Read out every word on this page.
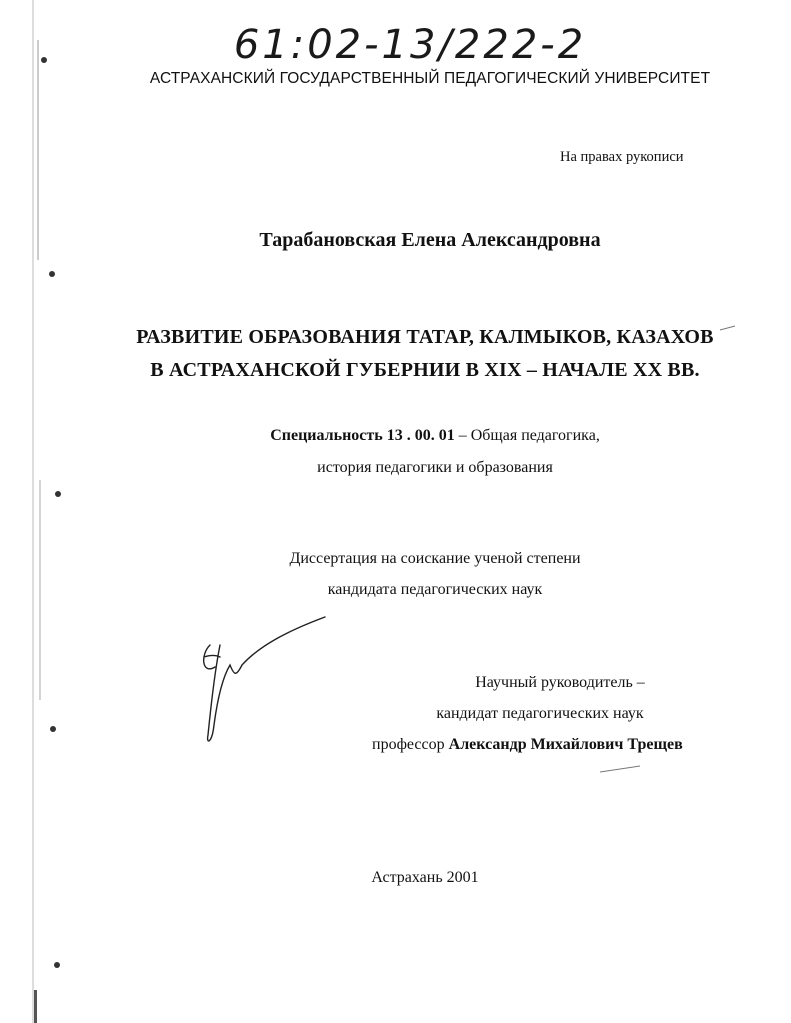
61:02-13/222-2
АСТРАХАНСКИЙ ГОСУДАРСТВЕННЫЙ ПЕДАГОГИЧЕСКИЙ УНИВЕРСИТЕТ
На правах рукописи
Тарабановская Елена Александровна
РАЗВИТИЕ ОБРАЗОВАНИЯ ТАТАР, КАЛМЫКОВ, КАЗАХОВ
В АСТРАХАНСКОЙ ГУБЕРНИИ В XIX – НАЧАЛЕ XX ВВ.
Специальность 13 . 00. 01 – Общая педагогика,
история педагогики и образования
Диссертация на соискание ученой степени
кандидата педагогических наук
Научный руководитель –
кандидат педагогических наук
профессор Александр Михайлович Трещев
Астрахань 2001
